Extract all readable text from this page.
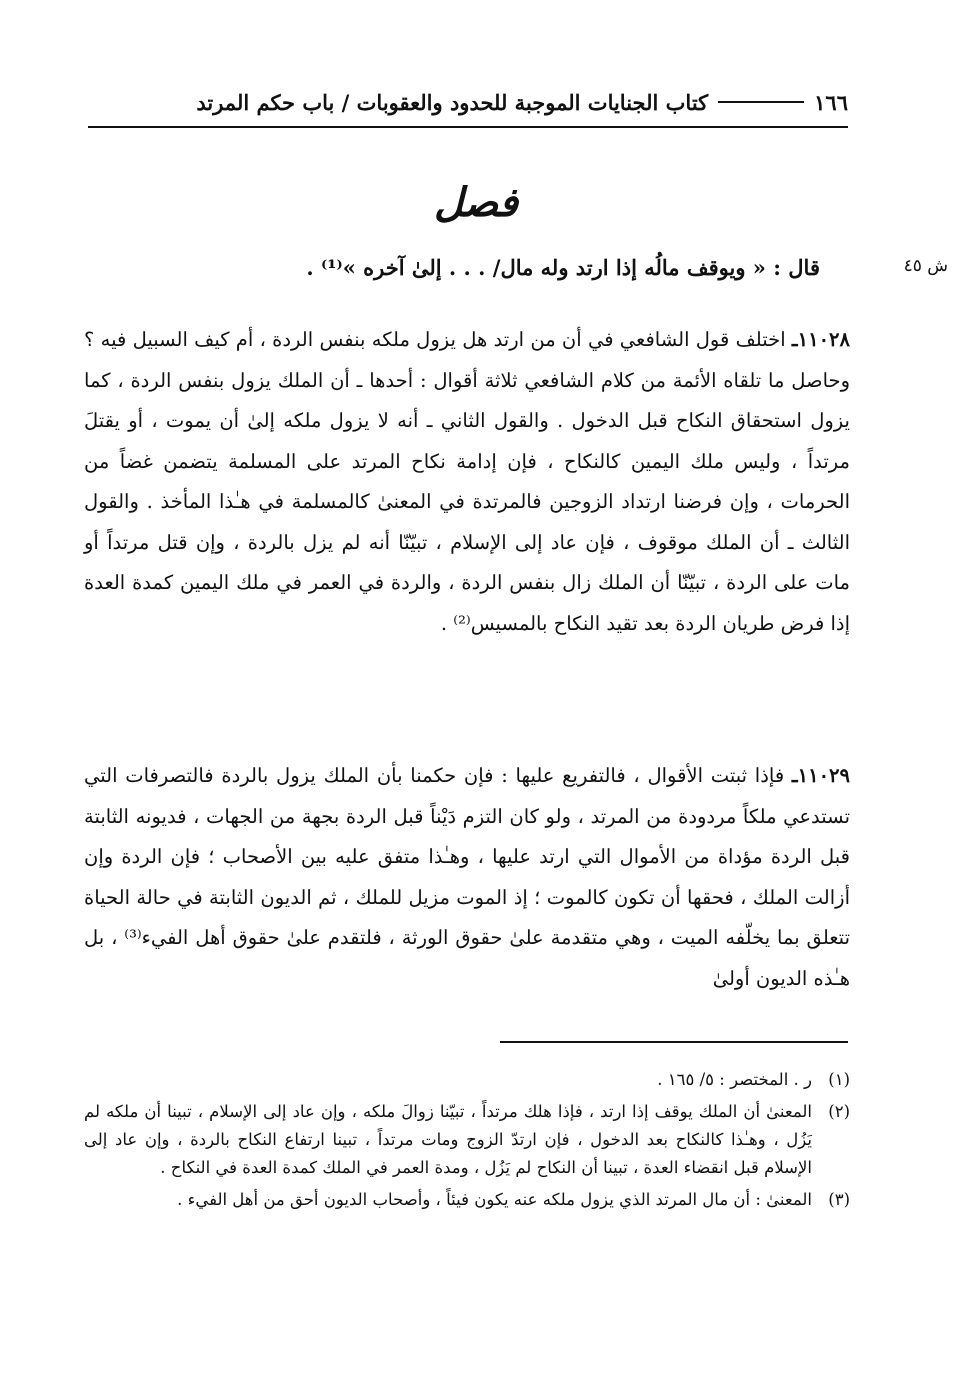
١٦٦
كتاب الجنايات الموجبة للحدود والعقوبات / باب حكم المرتد
فصل
ش ٤٥
قال : « ويوقف مالُه إذا ارتد وله مال/ . . . إلىٰ آخره »⁽¹⁾ .

١١٠٢٨ـ اختلف قول الشافعي في أن من ارتد هل يزول ملكه بنفس الردة ، أم كيف السبيل فيه ؟ وحاصل ما تلقاه الأئمة من كلام الشافعي ثلاثة أقوال : أحدها ـ أن الملك يزول بنفس الردة ، كما يزول استحقاق النكاح قبل الدخول . والقول الثاني ـ أنه لا يزول ملكه إلىٰ أن يموت ، أو يقتلَ مرتداً ، وليس ملك اليمين كالنكاح ، فإن إدامة نكاح المرتد على المسلمة يتضمن غضاً من الحرمات ، وإن فرضنا ارتداد الزوجين فالمرتدة في المعنىٰ كالمسلمة في هـٰذا المأخذ . والقول الثالث ـ أن الملك موقوف ، فإن عاد إلى الإسلام ، تبيّنّا أنه لم يزل بالردة ، وإن قتل مرتداً أو مات على الردة ، تبيّنّا أن الملك زال بنفس الردة ، والردة في العمر في ملك اليمين كمدة العدة إذا فرض طريان الردة بعد تقيد النكاح بالمسيس⁽²⁾ .

١١٠٢٩ـ فإذا ثبتت الأقوال ، فالتفريع عليها : فإن حكمنا بأن الملك يزول بالردة فالتصرفات التي تستدعي ملكاً مردودة من المرتد ، ولو كان التزم دَيْناً قبل الردة بجهة من الجهات ، فديونه الثابتة قبل الردة مؤداة من الأموال التي ارتد عليها ، وهـٰذا متفق عليه بين الأصحاب ؛ فإن الردة وإن أزالت الملك ، فحقها أن تكون كالموت ؛ إذ الموت مزيل للملك ، ثم الديون الثابتة في حالة الحياة تتعلق بما يخلّفه الميت ، وهي متقدمة علىٰ حقوق الورثة ، فلتقدم علىٰ حقوق أهل الفيء⁽³⁾ ، بل هـٰذه الديون أولىٰ

(١)
ر . المختصر : ٥/ ١٦٥ .
(٢)
المعنىٰ أن الملك يوقف إذا ارتد ، فإذا هلك مرتداً ، تبيّنا زوالَ ملكه ، وإن عاد إلى الإسلام ، تبينا أن ملكه لم يَزُل ، وهـٰذا كالنكاح بعد الدخول ، فإن ارتدّ الزوج ومات مرتداً ، تبينا ارتفاع النكاح بالردة ، وإن عاد إلى الإسلام قبل انقضاء العدة ، تبينا أن النكاح لم يَزُل ، ومدة العمر في الملك كمدة العدة في النكاح .
(٣)
المعنىٰ : أن مال المرتد الذي يزول ملكه عنه يكون فيئاً ، وأصحاب الديون أحق من أهل الفيء .
